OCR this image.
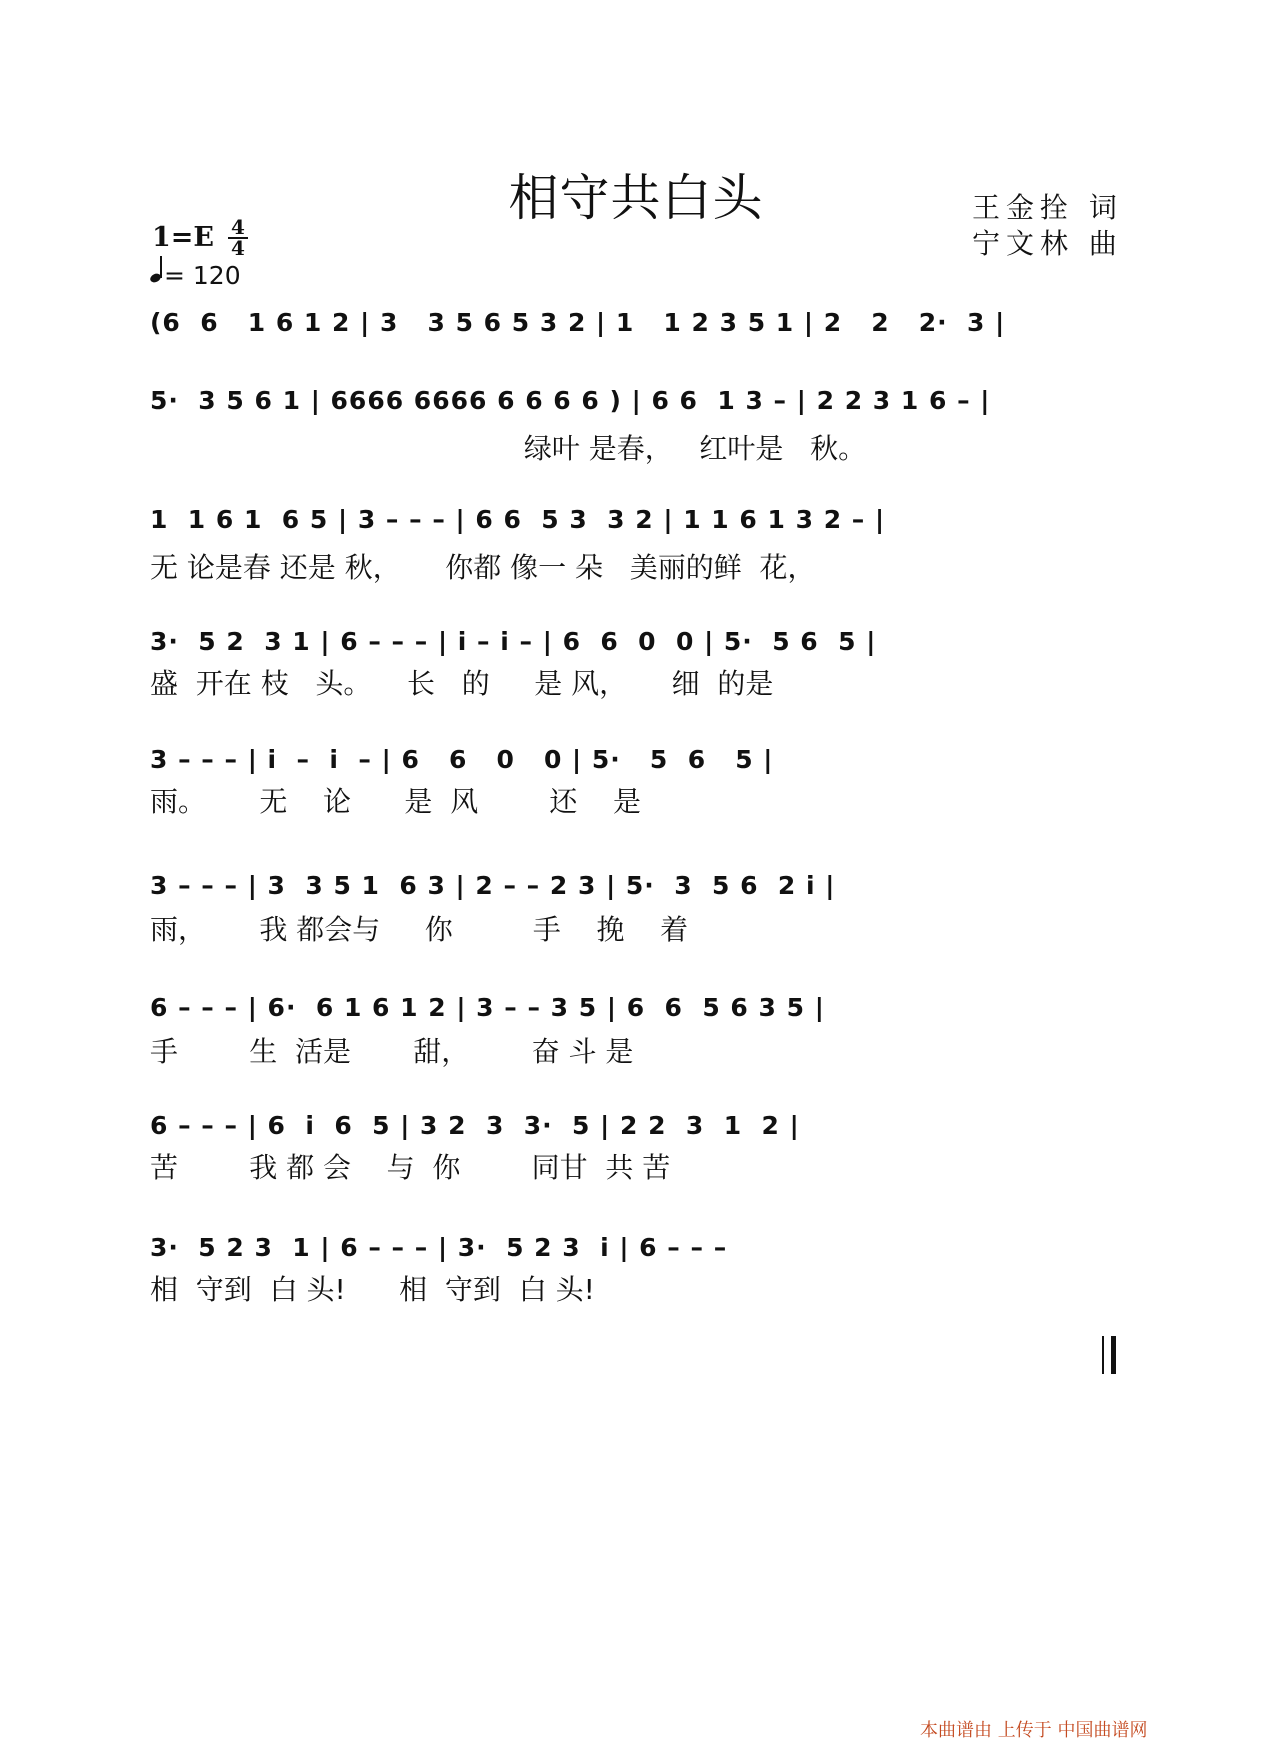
相守共白头	王金拴 词
宁文林 曲
1=E 4
4
= 120
(6  6   1 6 1 2 | 3   3 5 6 5 3 2 | 1   1 2 3 5 1 | 2   2   2·  3 |
5·  3 5 6 1 | 6666 6666 6 6 6 6 ) | 6 6  1 3 – | 2 2 3 1 6 – |
绿叶 是春，   红叶是   秋。
1  1 6 1  6 5 | 3 – – – | 6 6  5 3  3 2 | 1 1 6 1 3 2 – |
无 论是春 还是 秋，     你都 像一 朵   美丽的鲜  花，
3·  5 2  3 1 | 6 – – – | i – i – | 6  6  0  0 | 5·  5 6  5 |
盛  开在 枝   头。    长   的     是 风，     细  的是
3 – – – | i  –  i  – | 6   6   0   0 | 5·   5  6   5 |
雨。      无    论      是  风        还    是
3 – – – | 3  3 5 1  6 3 | 2 – – 2 3 | 5·  3  5 6  2 i |
雨，      我 都会与     你         手    挽    着
6 – – – | 6·  6 1 6 1 2 | 3 – – 3 5 | 6  6  5 6 3 5 |
手        生  活是       甜，       奋 斗 是
6 – – – | 6  i  6  5 | 3 2  3  3·  5 | 2 2  3  1  2 |
苦        我 都 会    与  你        同甘  共 苦
3·  5 2 3  1 | 6 – – – | 3·  5 2 3  i | 6 – – –
相  守到  白 头!      相  守到  白 头!
本曲谱由 上传于 中国曲谱网
